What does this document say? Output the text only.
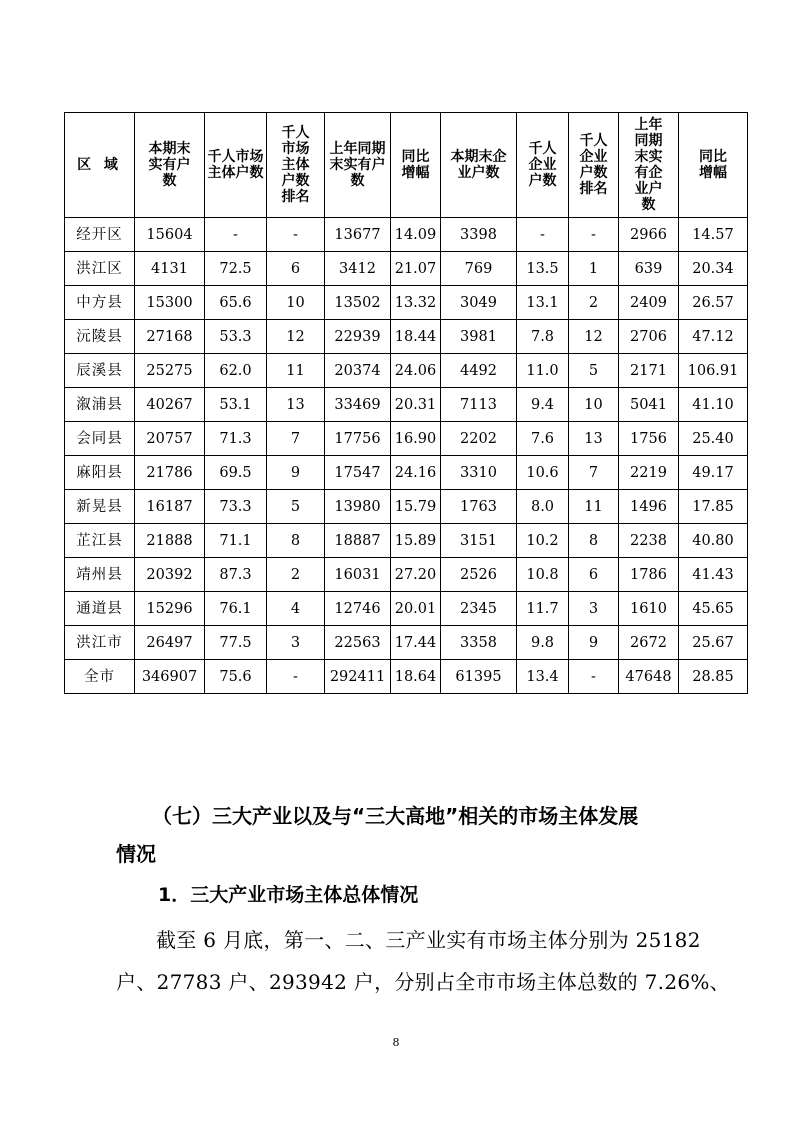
区 域	本期末实有户数	千人市场主体户数	千人市场主体户数排名	上年同期末实有户数	同比增幅	本期末企业户数	千人企业户数	千人企业户数排名	上年同期末实有企业户数	同比增幅
经开区	15604	-	-	13677	14.09	3398	-	-	2966	14.57
洪江区	4131	72.5	6	3412	21.07	769	13.5	1	639	20.34
中方县	15300	65.6	10	13502	13.32	3049	13.1	2	2409	26.57
沅陵县	27168	53.3	12	22939	18.44	3981	7.8	12	2706	47.12
辰溪县	25275	62.0	11	20374	24.06	4492	11.0	5	2171	106.91
溆浦县	40267	53.1	13	33469	20.31	7113	9.4	10	5041	41.10
会同县	20757	71.3	7	17756	16.90	2202	7.6	13	1756	25.40
麻阳县	21786	69.5	9	17547	24.16	3310	10.6	7	2219	49.17
新晃县	16187	73.3	5	13980	15.79	1763	8.0	11	1496	17.85
芷江县	21888	71.1	8	18887	15.89	3151	10.2	8	2238	40.80
靖州县	20392	87.3	2	16031	27.20	2526	10.8	6	1786	41.43
通道县	15296	76.1	4	12746	20.01	2345	11.7	3	1610	45.65
洪江市	26497	77.5	3	22563	17.44	3358	9.8	9	2672	25.67
全市	346907	75.6	-	292411	18.64	61395	13.4	-	47648	28.85
（七）三大产业以及与“三大高地”相关的市场主体发展
情况
1．三大产业市场主体总体情况
截至 6 月底，第一、二、三产业实有市场主体分别为 25182
户、27783 户、293942 户，分别占全市市场主体总数的 7.26%、
8
